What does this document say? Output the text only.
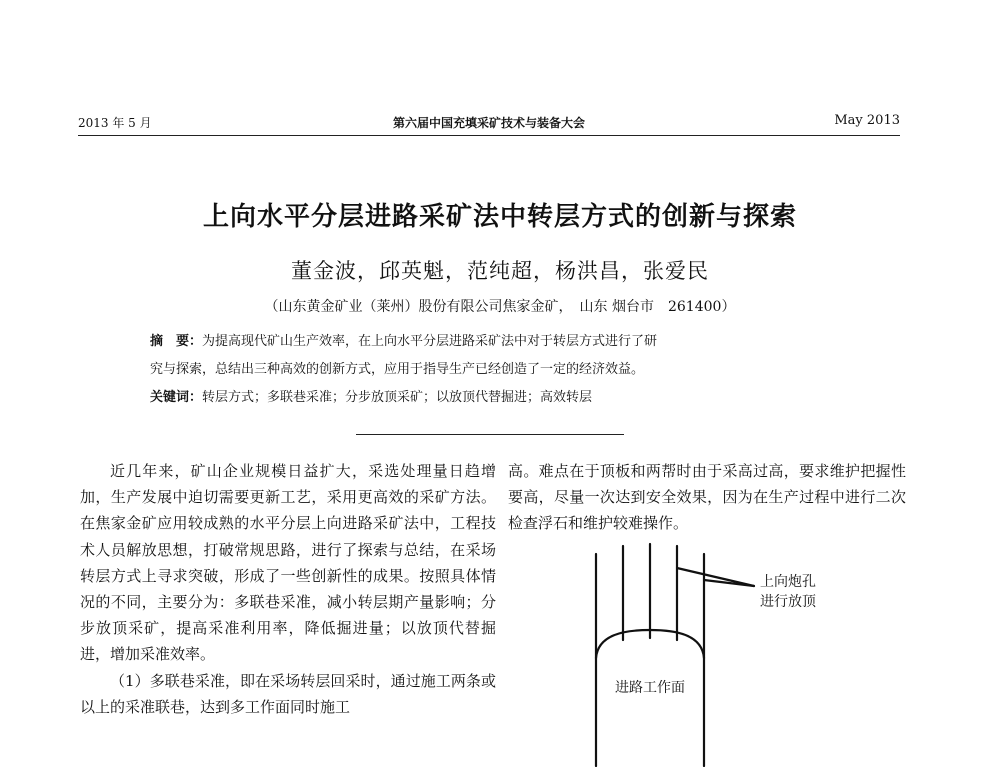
2013 年 5 月	第六届中国充填采矿技术与装备大会	May 2013
上向水平分层进路采矿法中转层方式的创新与探索
董金波，邱英魁，范纯超，杨洪昌，张爱民
（山东黄金矿业（莱州）股份有限公司焦家金矿，　山东 烟台市　261400）
摘　要：为提高现代矿山生产效率，在上向水平分层进路采矿法中对于转层方式进行了研
究与探索，总结出三种高效的创新方式，应用于指导生产已经创造了一定的经济效益。
关键词：转层方式；多联巷采准；分步放顶采矿；以放顶代替掘进；高效转层

近几年来，矿山企业规模日益扩大，采选处理量日趋增加，生产发展中迫切需要更新工艺，采用更高效的采矿方法。在焦家金矿应用较成熟的水平分层上向进路采矿法中，工程技术人员解放思想，打破常规思路，进行了探索与总结，在采场转层方式上寻求突破，形成了一些创新性的成果。按照具体情况的不同，主要分为：多联巷采准，减小转层期产量影响；分步放顶采矿，提高采准利用率，降低掘进量；以放顶代替掘进，增加采准效率。

（1）多联巷采准，即在采场转层回采时，通过施工两条或以上的采准联巷，达到多工作面同时施工

高。难点在于顶板和两帮时由于采高过高，要求维护把握性要高，尽量一次达到安全效果，因为在生产过程中进行二次检查浮石和维护较难操作。

上向炮孔
进行放顶
进路工作面
